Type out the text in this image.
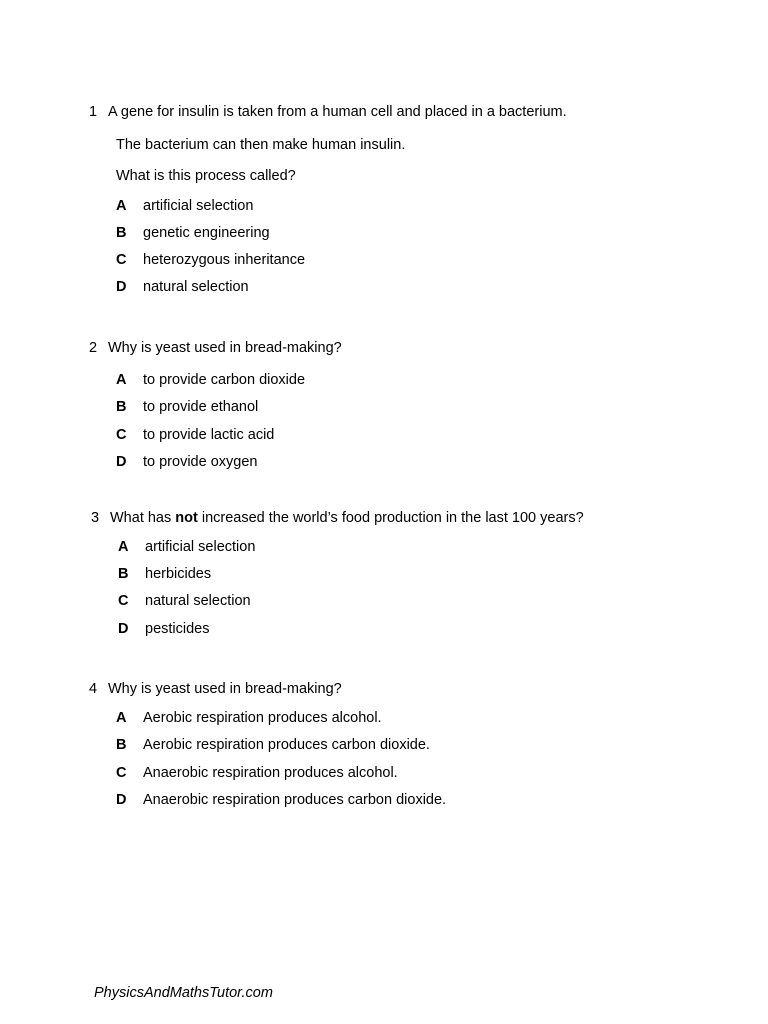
1 A gene for insulin is taken from a human cell and placed in a bacterium.
The bacterium can then make human insulin.
What is this process called?
A artificial selection
B genetic engineering
C heterozygous inheritance
D natural selection
2 Why is yeast used in bread-making?
A to provide carbon dioxide
B to provide ethanol
C to provide lactic acid
D to provide oxygen
3 What has not increased the world’s food production in the last 100 years?
A artificial selection
B herbicides
C natural selection
D pesticides
4 Why is yeast used in bread-making?
A Aerobic respiration produces alcohol.
B Aerobic respiration produces carbon dioxide.
C Anaerobic respiration produces alcohol.
D Anaerobic respiration produces carbon dioxide.
PhysicsAndMathsTutor.com
